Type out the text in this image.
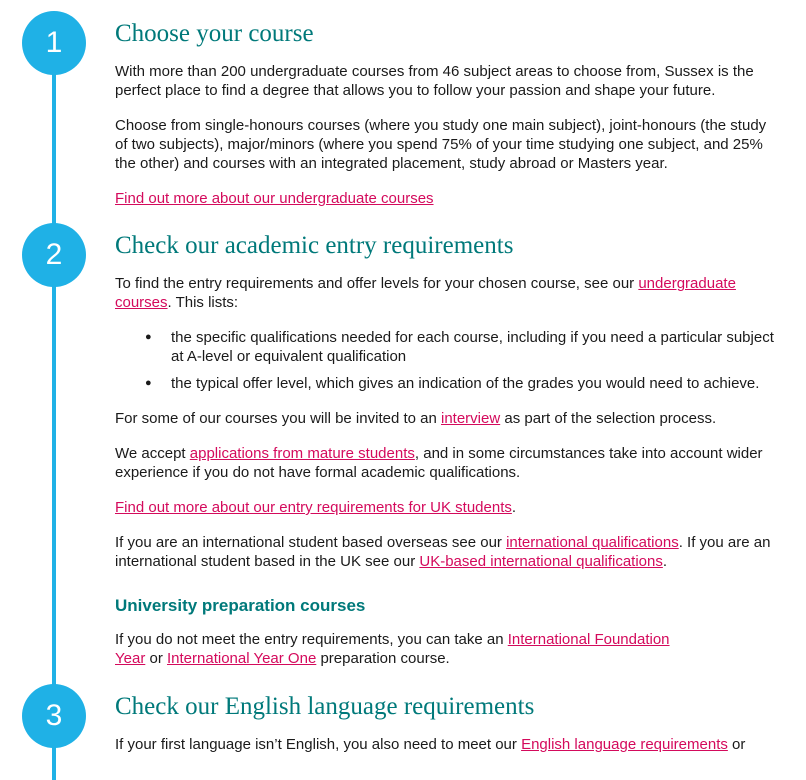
1 Choose your course

With more than 200 undergraduate courses from 46 subject areas to choose from, Sussex is the perfect place to find a degree that allows you to follow your passion and shape your future.

Choose from single-honours courses (where you study one main subject), joint-honours (the study of two subjects), major/minors (where you spend 75% of your time studying one subject, and 25% the other) and courses with an integrated placement, study abroad or Masters year.

Find out more about our undergraduate courses

2 Check our academic entry requirements

To find the entry requirements and offer levels for your chosen course, see our undergraduate courses. This lists:

● the specific qualifications needed for each course, including if you need a particular subject at A-level or equivalent qualification
● the typical offer level, which gives an indication of the grades you would need to achieve.

For some of our courses you will be invited to an interview as part of the selection process.

We accept applications from mature students, and in some circumstances take into account wider experience if you do not have formal academic qualifications.

Find out more about our entry requirements for UK students.

If you are an international student based overseas see our international qualifications. If you are an international student based in the UK see our UK-based international qualifications.

University preparation courses

If you do not meet the entry requirements, you can take an International Foundation Year or International Year One preparation course.

3 Check our English language requirements

If your first language isn’t English, you also need to meet our English language requirements or
